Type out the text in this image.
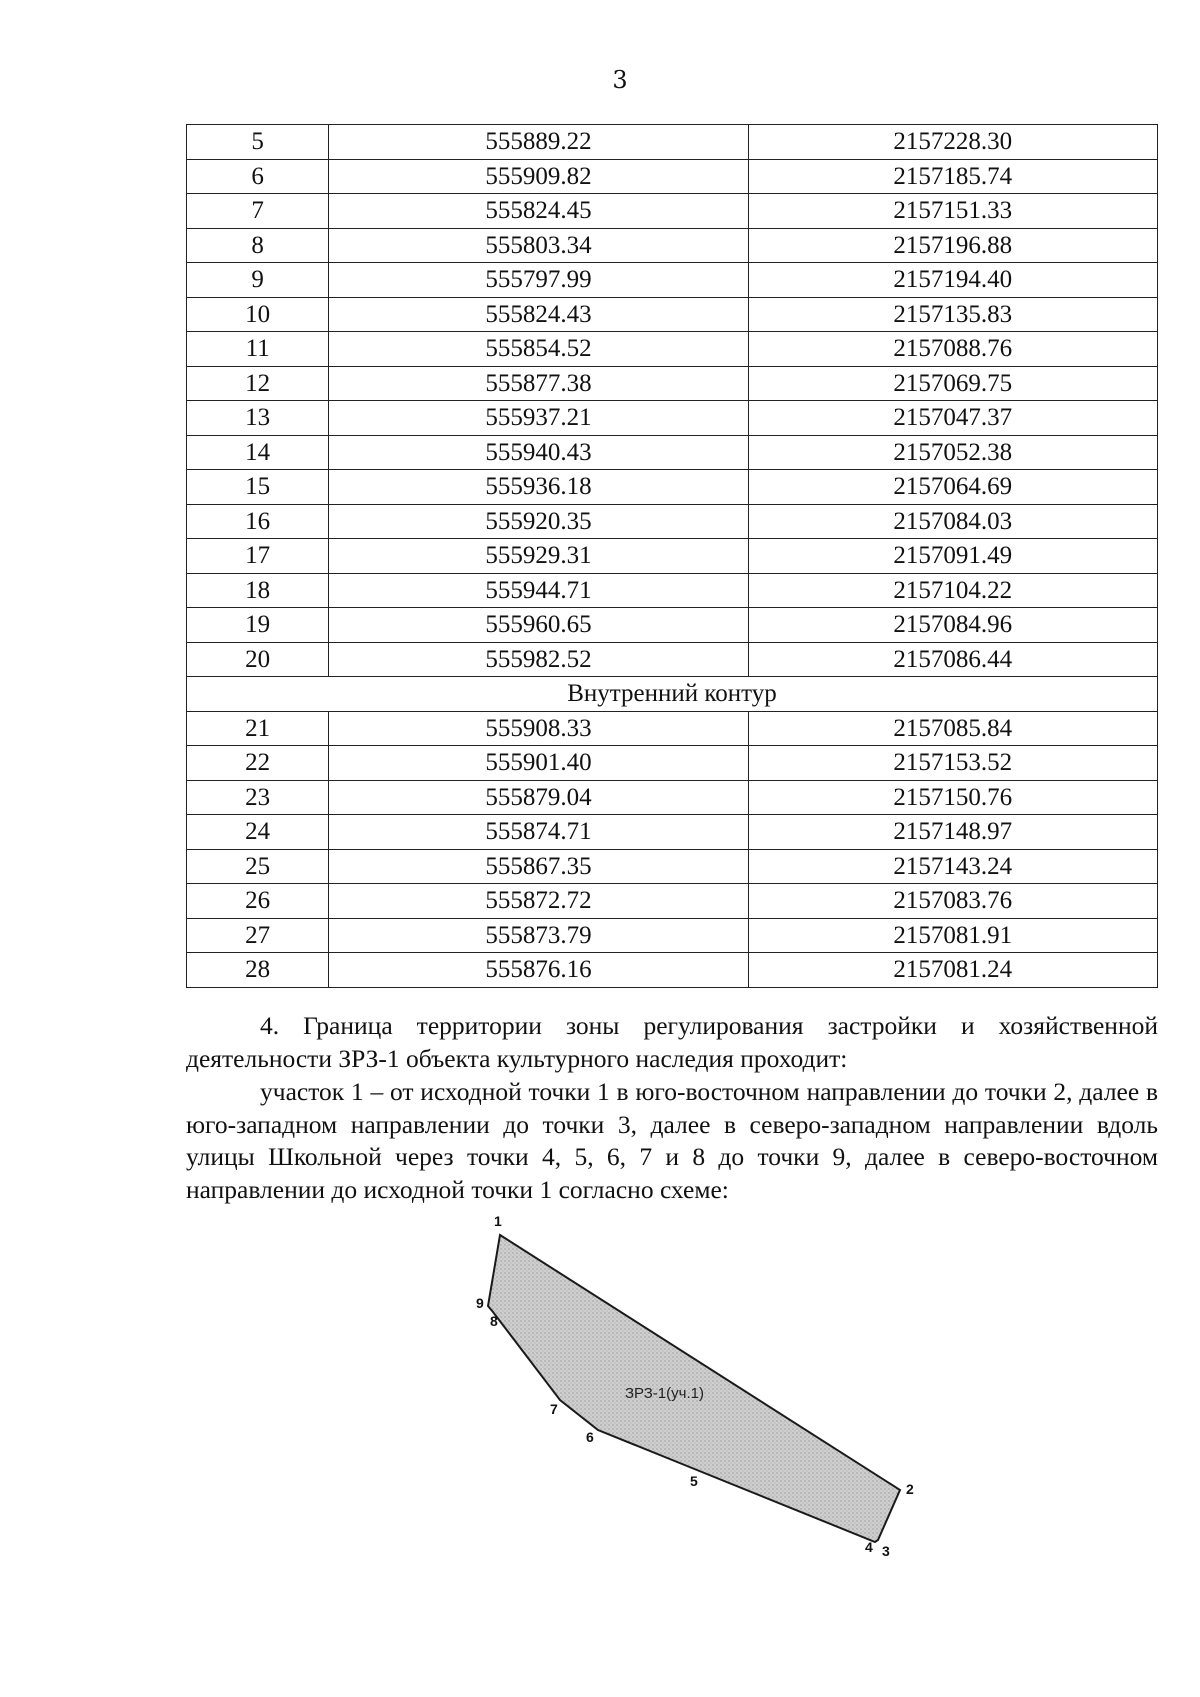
3
5	555889.22	2157228.30
6	555909.82	2157185.74
7	555824.45	2157151.33
8	555803.34	2157196.88
9	555797.99	2157194.40
10	555824.43	2157135.83
11	555854.52	2157088.76
12	555877.38	2157069.75
13	555937.21	2157047.37
14	555940.43	2157052.38
15	555936.18	2157064.69
16	555920.35	2157084.03
17	555929.31	2157091.49
18	555944.71	2157104.22
19	555960.65	2157084.96
20	555982.52	2157086.44
Внутренний контур		
21	555908.33	2157085.84
22	555901.40	2157153.52
23	555879.04	2157150.76
24	555874.71	2157148.97
25	555867.35	2157143.24
26	555872.72	2157083.76
27	555873.79	2157081.91
28	555876.16	2157081.24
4. Граница территории зоны регулирования застройки и хозяйственной деятельности ЗРЗ-1 объекта культурного наследия проходит:
участок 1 – от исходной точки 1 в юго-восточном направлении до точки 2, далее в юго-западном направлении до точки 3, далее в северо-западном направлении вдоль улицы Школьной через точки 4, 5, 6, 7 и 8 до точки 9, далее в северо-восточном направлении до исходной точки 1 согласно схеме:
ЗРЗ-1(уч.1)
1
2
3
4
5
6
7
8
9
